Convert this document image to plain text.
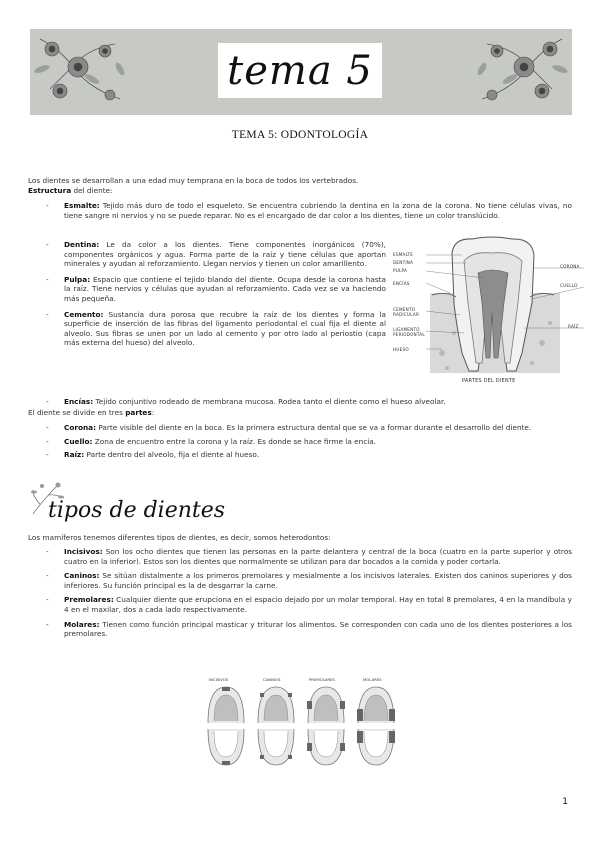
tema 5
TEMA 5: ODONTOLOGÍA
Los dientes se desarrollan a una edad muy temprana en la boca de todos los vertebrados.
Estructura del diente:
- Esmalte: Tejido más duro de todo el esqueleto. Se encuentra cubriendo la dentina en la zona de la corona. No tiene células vivas, no tiene sangre ni nervios y no se puede reparar. No es el encargado de dar color a los dientes, tiene un color translúcido.
- Dentina: Le da color a los dientes. Tiene componentes inorgánicos (70%), componentes orgánicos y agua. Forma parte de la raíz y tiene células que aportan minerales y ayudan al reforzamiento. Llegan nervios y tienen un color amarillento.
- Pulpa: Espacio que contiene el tejido blando del diente. Ocupa desde la corona hasta la raíz. Tiene nervios y células que ayudan al reforzamiento. Cada vez se va haciendo más pequeña.
- Cemento: Sustancia dura porosa que recubre la raíz de los dientes y forma la superficie de inserción de las fibras del ligamento periodontal el cual fija el diente al alveolo. Sus fibras se unen por un lado al cemento y por otro lado al periostio (capa más externa del hueso) del alveolo.
- Encías: Tejido conjuntivo rodeado de membrana mucosa. Rodea tanto el diente como el hueso alveolar.
El diente se divide en tres partes:
- Corona: Parte visible del diente en la boca. Es la primera estructura dental que se va a formar durante el desarrollo del diente.
- Cuello: Zona de encuentro entre la corona y la raíz. Es donde se hace firme la encía.
- Raíz: Parte dentro del alveolo, fija el diente al hueso.
ESMALTE
DENTINA
PULPA
ENCÍAS
CEMENTO RADICULAR
LIGAMENTO PERIODONTAL
HUESO
CORONA
CUELLO
RAÍZ
PARTES DEL DIENTE
tipos de dientes
Los mamíferos tenemos diferentes tipos de dientes, es decir, somos heterodontos:
- Incisivos: Son los ocho dientes que tienen las personas en la parte delantera y central de la boca (cuatro en la parte superior y otros cuatro en la inferior). Estos son los dientes que normalmente se utilizan para dar bocados a la comida y poder cortarla.
- Caninos: Se sitúan distalmente a los primeros premolares y mesialmente a los incisivos laterales. Existen dos caninos superiores y dos inferiores. Su función principal es la de desgarrar la carne.
- Premolares: Cualquier diente que erupciona en el espacio dejado por un molar temporal. Hay en total 8 premolares, 4 en la mandíbula y 4 en el maxilar, dos a cada lado respectivamente.
- Molares: Tienen como función principal masticar y triturar los alimentos. Se corresponden con cada uno de los dientes posteriores a los premolares.
INCISIVOS	CANINOS	PREMOLARES	MOLARES
1
